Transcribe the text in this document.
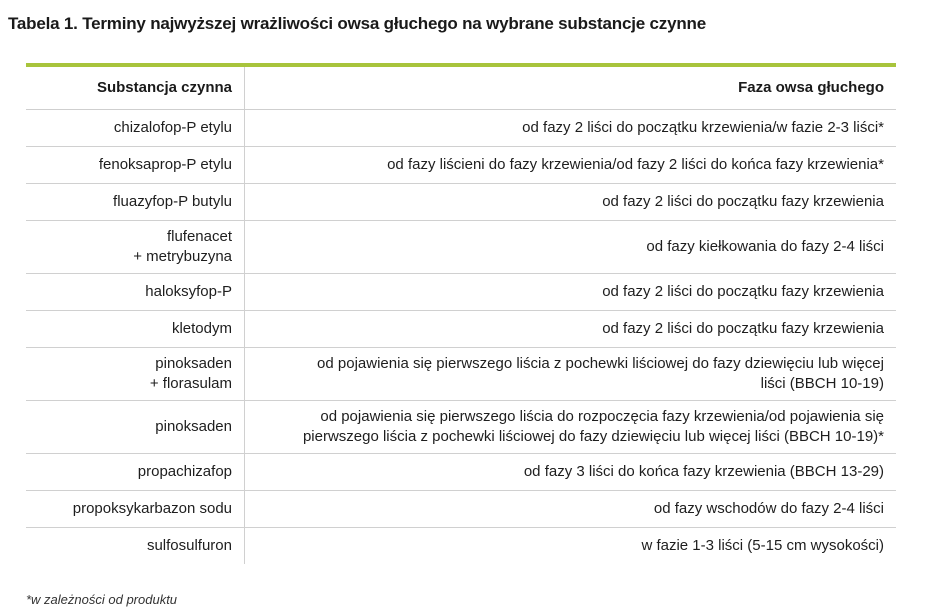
Tabela 1. Terminy najwyższej wrażliwości owsa głuchego na wybrane substancje czynne
Substancja czynna	Faza owsa głuchego
chizalofop-P etylu	od fazy 2 liści do początku krzewienia/w fazie 2-3 liści*
fenoksaprop-P etylu	od fazy liścieni do fazy krzewienia/od fazy 2 liści do końca fazy krzewienia*
fluazyfop-P butylu	od fazy 2 liści do początku fazy krzewienia
flufenacet
+ metrybuzyna	od fazy kiełkowania do fazy 2-4 liści
haloksyfop-P	od fazy 2 liści do początku fazy krzewienia
kletodym	od fazy 2 liści do początku fazy krzewienia
pinoksaden
+ florasulam	od pojawienia się pierwszego liścia z pochewki liściowej do fazy dziewięciu lub więcej
liści (BBCH 10-19)
pinoksaden	od pojawienia się pierwszego liścia do rozpoczęcia fazy krzewienia/od pojawienia się
pierwszego liścia z pochewki liściowej do fazy dziewięciu lub więcej liści (BBCH 10-19)*
propachizafop	od fazy 3 liści do końca fazy krzewienia (BBCH 13-29)
propoksykarbazon sodu	od fazy wschodów do fazy 2-4 liści
sulfosulfuron	w fazie 1-3 liści (5-15 cm wysokości)
*w zależności od produktu
